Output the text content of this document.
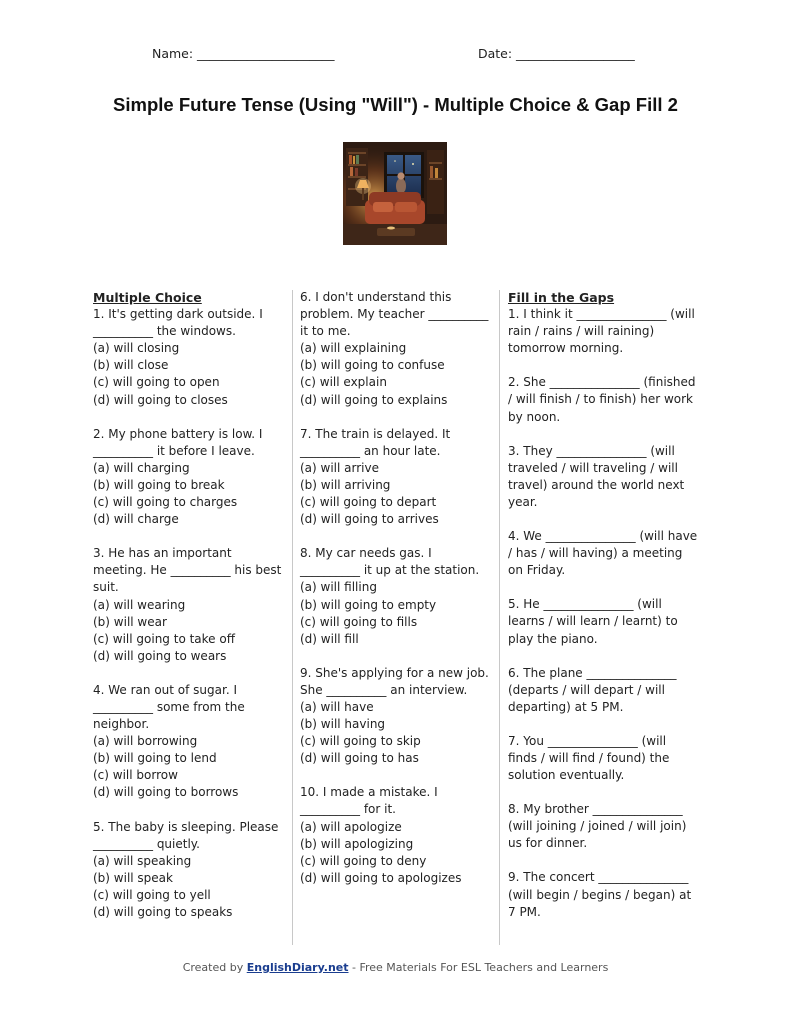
Name: ______________________	Date: ___________________
Simple Future Tense (Using "Will") - Multiple Choice & Gap Fill 2

Multiple Choice

1. It's getting dark outside. I __________ the windows.

(a) will closing

(b) will close

(c) will going to open

(d) will going to closes

2. My phone battery is low. I __________ it before I leave.

(a) will charging

(b) will going to break

(c) will going to charges

(d) will charge

3. He has an important meeting. He __________ his best suit.

(a) will wearing

(b) will wear

(c) will going to take off

(d) will going to wears

4. We ran out of sugar. I __________ some from the neighbor.

(a) will borrowing

(b) will going to lend

(c) will borrow

(d) will going to borrows

5. The baby is sleeping. Please __________ quietly.

(a) will speaking

(b) will speak

(c) will going to yell

(d) will going to speaks

6. I don't understand this problem. My teacher __________ it to me.

(a) will explaining

(b) will going to confuse

(c) will explain

(d) will going to explains

7. The train is delayed. It __________ an hour late.

(a) will arrive

(b) will arriving

(c) will going to depart

(d) will going to arrives

8. My car needs gas. I __________ it up at the station.

(a) will filling

(b) will going to empty

(c) will going to fills

(d) will fill

9. She's applying for a new job. She __________ an interview.

(a) will have

(b) will having

(c) will going to skip

(d) will going to has

10. I made a mistake. I __________ for it.

(a) will apologize

(b) will apologizing

(c) will going to deny

(d) will going to apologizes

Fill in the Gaps

1. I think it _______________ (will rain / rains / will raining) tomorrow morning.

2. She _______________ (finished / will finish / to finish) her work by noon.

3. They _______________ (will traveled / will traveling / will travel) around the world next year.

4. We _______________ (will have / has / will having) a meeting on Friday.

5. He _______________ (will learns / will learn / learnt) to play the piano.

6. The plane _______________ (departs / will depart / will departing) at 5 PM.

7. You _______________ (will finds / will find / found) the solution eventually.

8. My brother _______________ (will joining / joined / will join) us for dinner.

9. The concert _______________ (will begin / begins / began) at 7 PM.

Created by EnglishDiary.net - Free Materials For ESL Teachers and Learners
